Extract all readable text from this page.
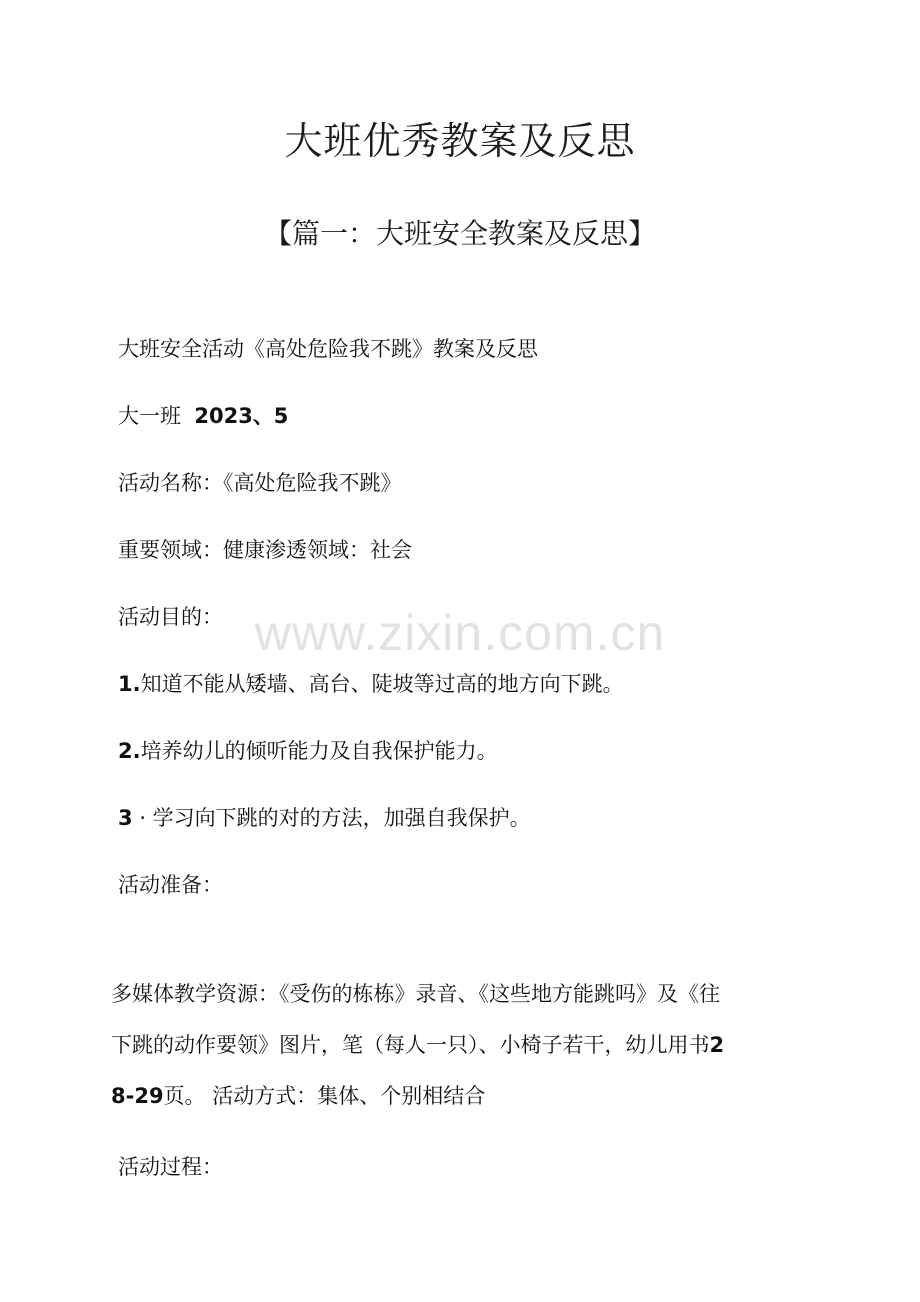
大班优秀教案及反思
【篇一：大班安全教案及反思】
大班安全活动《高处危险我不跳》教案及反思
大一班 2023、5
活动名称：《高处危险我不跳》
重要领域：健康渗透领域：社会
活动目的：
1.知道不能从矮墙、高台、陡坡等过高的地方向下跳。
2.培养幼儿的倾听能力及自我保护能力。
3 · 学习向下跳的对的方法，加强自我保护。
活动准备：
多媒体教学资源：《受伤的栋栋》录音、《这些地方能跳吗》及《往
下跳的动作要领》图片，笔（每人一只）、小椅子若干，幼儿用书2
8-29页。 活动方式：集体、个别相结合
活动过程：
www.zixin.com.cn
